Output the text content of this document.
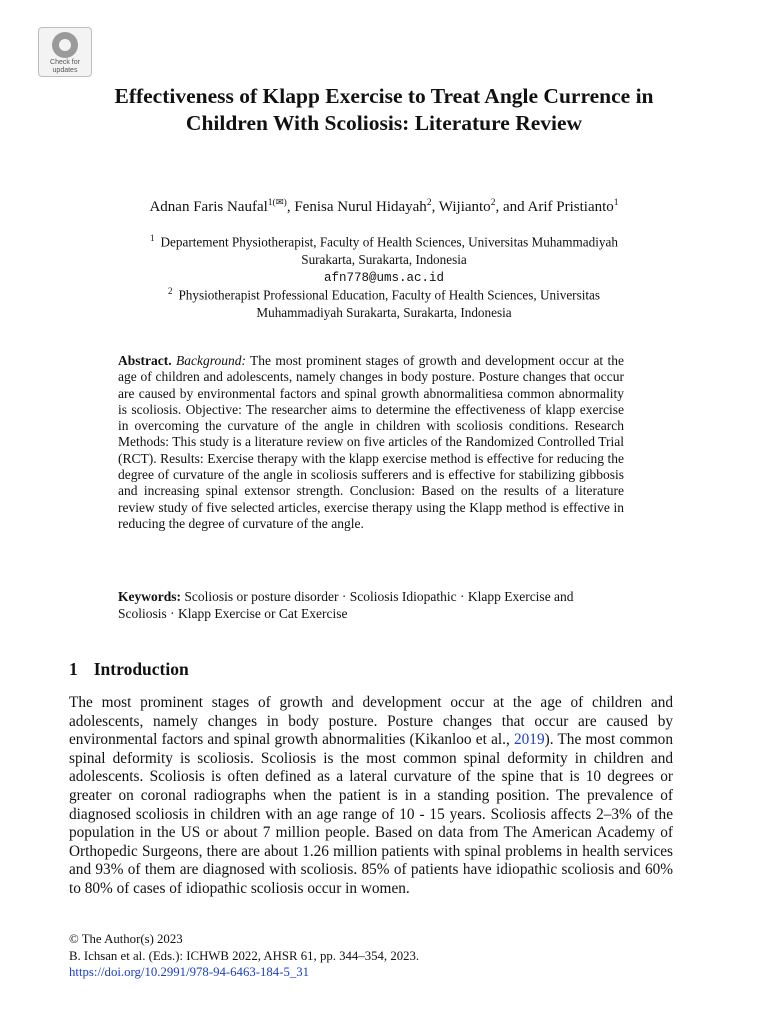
Check for
updates
Effectiveness of Klapp Exercise to Treat Angle Currence in Children With Scoliosis: Literature Review
Adnan Faris Naufal$^{1(✉)}$, Fenisa Nurul Hidayah$^2$, Wijianto$^2$, and Arif Pristianto$^1$
$^1$ Departement Physiotherapist, Faculty of Health Sciences, Universitas Muhammadiyah
Surakarta, Surakarta, Indonesia
afn778@ums.ac.id
$^2$ Physiotherapist Professional Education, Faculty of Health Sciences, Universitas
Muhammadiyah Surakarta, Surakarta, Indonesia
Abstract. Background: The most prominent stages of growth and development occur at the age of children and adolescents, namely changes in body posture. Posture changes that occur are caused by environmental factors and spinal growth abnormalitiesa common abnormality is scoliosis. Objective: The researcher aims to determine the effectiveness of klapp exercise in overcoming the curvature of the angle in children with scoliosis conditions. Research Methods: This study is a literature review on five articles of the Randomized Controlled Trial (RCT). Results: Exercise therapy with the klapp exercise method is effective for reducing the degree of curvature of the angle in scoliosis sufferers and is effective for stabilizing gibbosis and increasing spinal extensor strength. Conclusion: Based on the results of a literature review study of five selected articles, exercise therapy using the Klapp method is effective in reducing the degree of curvature of the angle.
Keywords: Scoliosis or posture disorder · Scoliosis Idiopathic · Klapp Exercise and Scoliosis · Klapp Exercise or Cat Exercise
1 Introduction
The most prominent stages of growth and development occur at the age of children and adolescents, namely changes in body posture. Posture changes that occur are caused by environmental factors and spinal growth abnormalities (Kikanloo et al., 2019). The most common spinal deformity is scoliosis. Scoliosis is the most common spinal deformity in children and adolescents. Scoliosis is often defined as a lateral curvature of the spine that is 10 degrees or greater on coronal radiographs when the patient is in a standing position. The prevalence of diagnosed scoliosis in children with an age range of 10 - 15 years. Scoliosis affects 2–3% of the population in the US or about 7 million people. Based on data from The American Academy of Orthopedic Surgeons, there are about 1.26 million patients with spinal problems in health services and 93% of them are diagnosed with scoliosis. 85% of patients have idiopathic scoliosis and 60% to 80% of cases of idiopathic scoliosis occur in women.
© The Author(s) 2023
B. Ichsan et al. (Eds.): ICHWB 2022, AHSR 61, pp. 344–354, 2023.
https://doi.org/10.2991/978-94-6463-184-5_31
